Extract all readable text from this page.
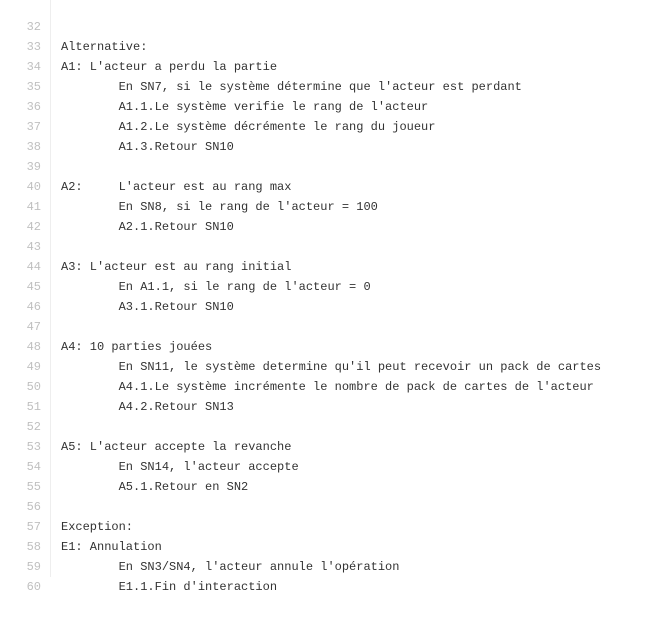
32

Alternative:

33

A1: L'acteur a perdu la partie

34

En SN7, si le système détermine que l'acteur est perdant

35

A1.1.Le système verifie le rang de l'acteur

36

A1.2.Le système décrémente le rang du joueur

37

A1.3.Retour SN10

38

39

A2:     L'acteur est au rang max

40

En SN8, si le rang de l'acteur = 100

41

A2.1.Retour SN10

42

43

A3: L'acteur est au rang initial

44

En A1.1, si le rang de l'acteur = 0

45

A3.1.Retour SN10

46

47

A4: 10 parties jouées

48

En SN11, le système determine qu'il peut recevoir un pack de cartes

49

A4.1.Le système incrémente le nombre de pack de cartes de l'acteur

50

A4.2.Retour SN13

51

52

A5: L'acteur accepte la revanche

53

En SN14, l'acteur accepte

54

A5.1.Retour en SN2

55

56

Exception:

57

E1: Annulation

58

En SN3/SN4, l'acteur annule l'opération

59

E1.1.Fin d'interaction

60
